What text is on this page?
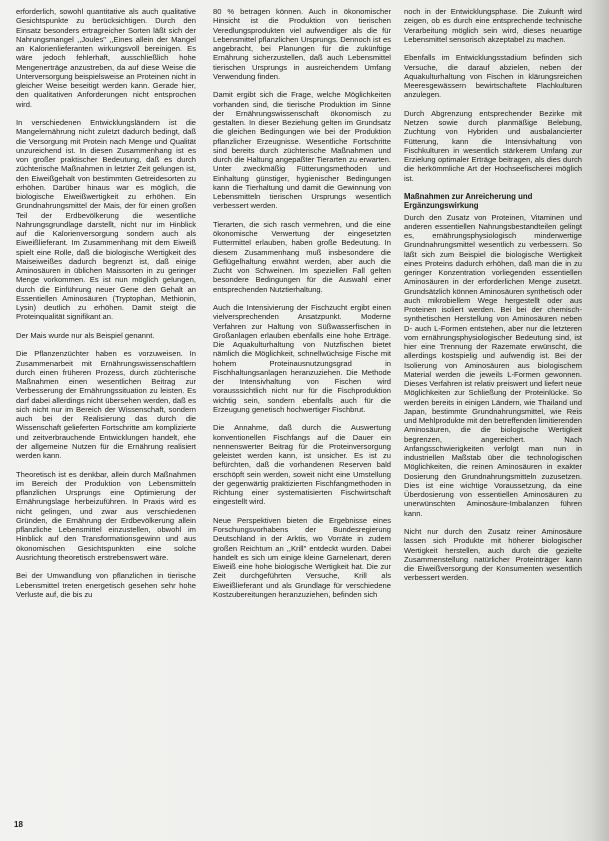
erforderlich, sowohl quantitative als auch qualitative Gesichtspunkte zu berücksichtigen. Durch den Einsatz besonders ertragreicher Sorten läßt sich der Nahrungsmangel ,,Joules" ,,Eines allein der Mangel an Kalorienlieferanten wirkungsvoll bereinigen. Es wäre jedoch fehlerhaft, ausschließlich hohe Mengenerträge anzustreben, da auf diese Weise die Unterversorgung beispielsweise an Proteinen nicht in gleicher Weise beseitigt werden kann. Gerade hier, den qualitativen Anforderungen nicht entsprochen wird.

In verschiedenen Entwicklungsländern ist die Mangelernährung nicht zuletzt dadurch bedingt, daß die Versorgung mit Protein nach Menge und Qualität unzureichend ist. In diesen Zusammenhang ist es von großer praktischer Bedeutung, daß es durch züchterische Maßnahmen in letzter Zeit gelungen ist, den Eiweißgehalt von bestimmten Getreidesorten zu erhöhen. Darüber hinaus war es möglich, die biologische Eiweißwertigkeit zu erhöhen. Ein Grundnahrungsmittel der Mais, der für einen großen Teil der Erdbevölkerung die wesentliche Nahrungsgrundlage darstellt, nicht nur im Hinblick auf die Kalorienversorgung sondern auch als Eiweißlieferant. Im Zusammenhang mit dem Eiweiß spielt eine Rolle, daß die biologische Wertigkeit des Maiseiweißes dadurch begrenzt ist, daß einige Aminosäuren in üblichen Maissorten in zu geringer Menge vorkommen. Es ist nun möglich gelungen, durch die Einführung neuer Gene den Gehalt an Essentiellen Aminosäuren (Tryptophan, Methionin, Lysin) deutlich zu erhöhen. Damit steigt die Proteinqualität signifikant an.

Der Mais wurde nur als Beispiel genannt.

Die Pflanzenzüchter haben es vorzuweisen. In Zusammenarbeit mit Ernährungswissenschaftlern durch einen früheren Prozess, durch züchterische Maßnahmen einen wesentlichen Beitrag zur Verbesserung der Ernährungssituation zu leisten. Es darf dabei allerdings nicht übersehen werden, daß es sich nicht nur im Bereich der Wissenschaft, sondern auch bei der Realisierung das durch die Wissenschaft gelieferten Fortschritte am komplizierte und zeitverbrauchende Entwicklungen handelt, ehe der allgemeine Nutzen für die Ernährung realisiert werden kann.

Theoretisch ist es denkbar, allein durch Maßnahmen im Bereich der Produktion von Lebensmitteln pflanzlichen Ursprungs eine Optimierung der Ernährungslage herbeizuführen. In Praxis wird es nicht gelingen, und zwar aus verschiedenen Gründen, die Ernährung der Erdbevölkerung allein pflanzliche Lebensmittel einzustellen, obwohl im Hinblick auf den Transformationsgewinn und aus ökonomischen Gesichtspunkten eine solche Ausrichtung theoretisch erstrebenswert wäre.

Bei der Umwandlung von pflanzlichen in tierische Lebensmittel treten energetisch gesehen sehr hohe Verluste auf, die bis zu

80 % betragen können. Auch in ökonomischer Hinsicht ist die Produktion von tierischen Veredlungsprodukten viel aufwendiger als die für Lebensmittel pflanzlichen Ursprungs. Dennoch ist es angebracht, bei Planungen für die zukünftige Ernährung sicherzustellen, daß auch Lebensmittel tierischen Ursprungs in ausreichendem Umfang Verwendung finden.

Damit ergibt sich die Frage, welche Möglichkeiten vorhanden sind, die tierische Produktion im Sinne der Ernährungswissenschaft ökonomisch zu gestalten. In dieser Beziehung gelten im Grundsatz die gleichen Bedingungen wie bei der Produktion pflanzlicher Erzeugnisse. Wesentliche Fortschritte sind bereits durch züchterische Maßnahmen und durch die Haltung angepaßter Tierarten zu erwarten. Unter zweckmäßig Fütterungsmethoden und Einhaltung günstiger, hygienischer Bedingungen kann die Tierhaltung und damit die Gewinnung von Lebensmitteln tierischen Ursprungs wesentlich verbessert werden.

Tierarten, die sich rasch vermehren, und die eine ökonomische Verwertung der eingesetzten Futtermittel erlauben, haben große Bedeutung. In diesem Zusammenhang muß insbesondere die Geflügelhaltung erwähnt werden, aber auch die Zucht von Schweinen. Im speziellen Fall gelten besondere Bedingungen für die Auswahl einer entsprechenden Nutztierhaltung.

Auch die Intensivierung der Fischzucht ergibt einen vielversprechenden Ansatzpunkt. Moderne Verfahren zur Haltung von Süßwasserfischen in Großanlagen erlauben ebenfalls eine hohe Erträge. Die Aquakulturhaltung von Nutzfischen bietet nämlich die Möglichkeit, schnellwüchsige Fische mit hohem Proteinausnutzungsgrad in Fischhaltungsanlagen heranzuziehen. Die Methode der Intensivhaltung von Fischen wird vorausssichtlich nicht nur für die Fischproduktion wichtig sein, sondern ebenfalls auch für die Erzeugung genetisch hochwertiger Fischbrut.

Die Annahme, daß durch die Auswertung konventionellen Fischfangs auf die Dauer ein nennenswerter Beitrag für die Proteinversorgung geleistet werden kann, ist unsicher. Es ist zu befürchten, daß die vorhandenen Reserven bald erschöpft sein werden, soweit nicht eine Umstellung der gegenwärtig praktizierten Fischfangmethoden in Richtung einer systematisierten Fischwirtschaft eingestellt wird.

Neue Perspektiven bieten die Ergebnisse eines Forschungsvorhabens der Bundesregierung Deutschland in der Arktis, wo Vorräte in zudem großen Reichtum an ,,Krill" entdeckt wurden. Dabei handelt es sich um einige kleine Garnelenart, deren Eiweiß eine hohe biologische Wertigkeit hat. Die zur Zeit durchgeführten Versuche, Krill als Eiweißlieferant und als Grundlage für verschiedene Kostzubereitungen heranzuziehen, befinden sich

noch in der Entwicklungsphase. Die Zukunft wird zeigen, ob es durch eine entsprechende technische Verarbeitung möglich sein wird, dieses neuartige Lebensmittel sensorisch akzeptabel zu machen.

Ebenfalls im Entwicklungsstadium befinden sich Versuche, die darauf abzielen, neben der Aquakulturhaltung von Fischen in klärungsreichen Meeresgewässern bewirtschaftete Flachkulturen anzulegen.

Durch Abgrenzung entsprechender Bezirke mit Netzen sowie durch planmäßige Belebung, Zuchtung von Hybriden und ausbalancierter Fütterung, kann die Intensivhaltung von Fischkulturen in wesentlich stärkerem Umfang zur Erzielung optimaler Erträge beitragen, als dies durch die herkömmliche Art der Hochseefischerei möglich ist.

Maßnahmen zur Anreicherung und Ergänzungswirkung

Durch den Zusatz von Proteinen, Vitaminen und anderen essentiellen Nahrungsbestandteilen gelingt es, ernährungsphysiologisch minderwertige Grundnahrungsmittel wesentlich zu verbessern. So läßt sich zum Beispiel die biologische Wertigkeit eines Proteins dadurch erhöhen, daß man die in zu geringer Konzentration vorliegenden essentiellen Aminosäuren in der erforderlichen Menge zusetzt. Grundsätzlich können Aminosäuren synthetisch oder auch mikrobiellem Wege hergestellt oder aus Proteinen isoliert werden. Bei bei der chemisch-synthetischen Herstellung von Aminosäuren neben D- auch L-Formen entstehen, aber nur die letzteren vom ernährungsphysiologischer Bedeutung sind, ist hier eine Trennung der Razemate erwünscht, die allerdings kostspielig und aufwendig ist. Bei der Isolierung von Aminosäuren aus biologischem Material werden die jeweils L-Formen gewonnen. Dieses Verfahren ist relativ preiswert und liefert neue Möglichkeiten zur Schließung der Proteinlücke. So werden bereits in einigen Ländern, wie Thailand und Japan, bestimmte Grundnahrungsmittel, wie Reis und Mehlprodukte mit den betreffenden limitierenden Aminosäuren, die die biologische Wertigkeit begrenzen, angereichert. Nach Anfangsschwierigkeiten verfolgt man nun in industriellen Maßstab über die technologischen Möglichkeiten, die reinen Aminosäuren in exakter Dosierung den Grundnahrungsmitteln zuzusetzen. Dies ist eine wichtige Voraussetzung, da eine Überdosierung von essentiellen Aminosäuren zu unerwünschten Aminosäure-Imbalanzen führen kann.

Nicht nur durch den Zusatz reiner Aminosäure lassen sich Produkte mit höherer biologischer Wertigkeit herstellen, auch durch die gezielte Zusammenstellung natürlicher Proteinträger kann die Eiweißversorgung der Konsumenten wesentlich verbessert werden.

18
